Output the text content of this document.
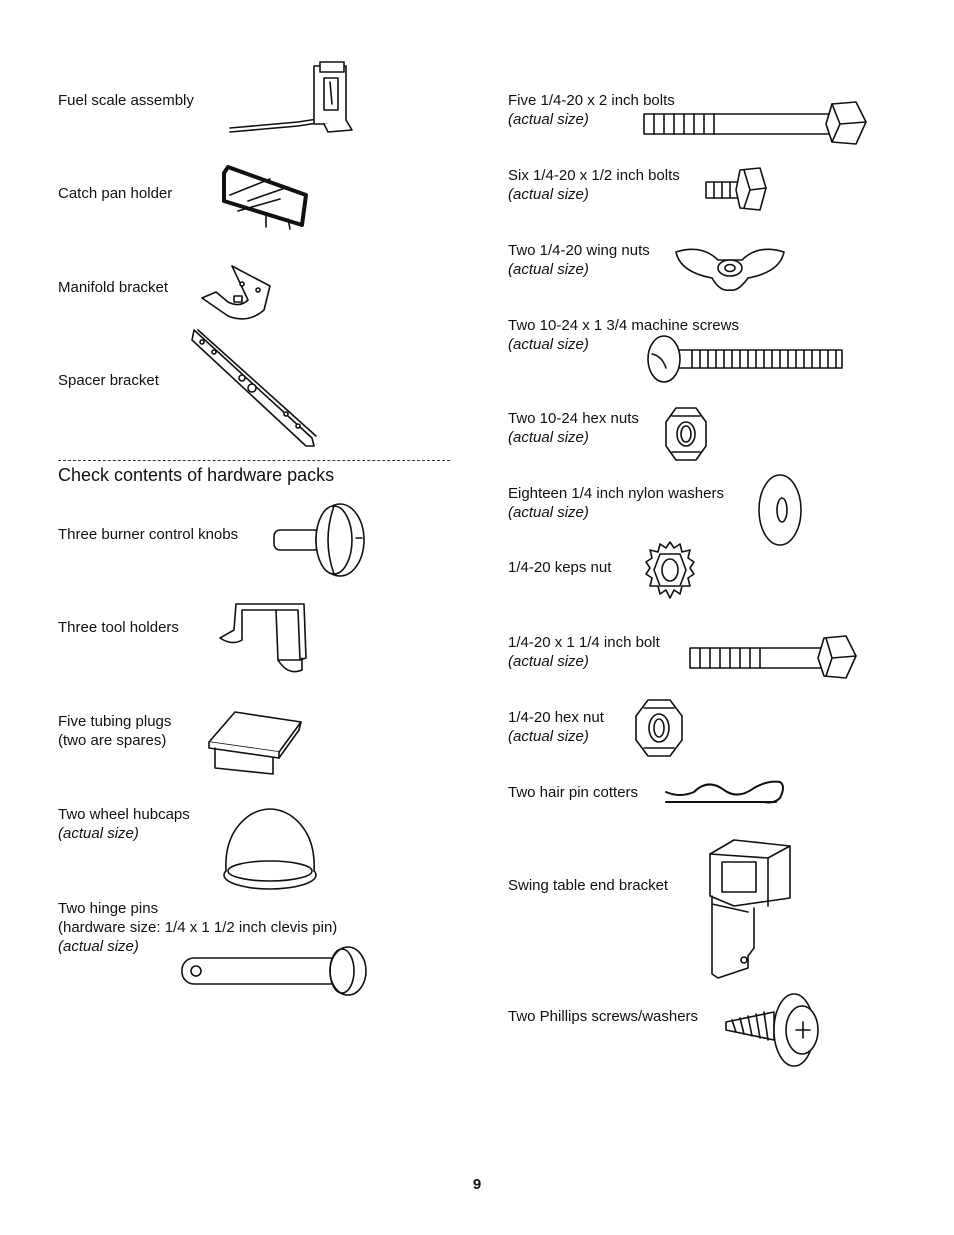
Fuel scale assembly
Catch pan holder
Manifold bracket
Spacer bracket
Check contents of hardware packs
Three burner control knobs
Three tool holders
Five tubing plugs
(two are spares)
Two wheel hubcaps
(actual size)
Two hinge pins
(hardware size: 1/4 x 1 1/2 inch clevis pin)
(actual size)
Five 1/4-20 x 2 inch bolts
(actual size)
Six 1/4-20 x 1/2 inch bolts
(actual size)
Two 1/4-20 wing nuts
(actual size)
Two 10-24 x 1 3/4 machine screws
(actual size)
Two 10-24 hex nuts
(actual size)
Eighteen 1/4 inch nylon washers
(actual size)
1/4-20 keps nut
1/4-20 x 1 1/4 inch bolt
(actual size)
1/4-20 hex nut
(actual size)
Two hair pin cotters
Swing table end bracket
Two Phillips screws/washers
9
